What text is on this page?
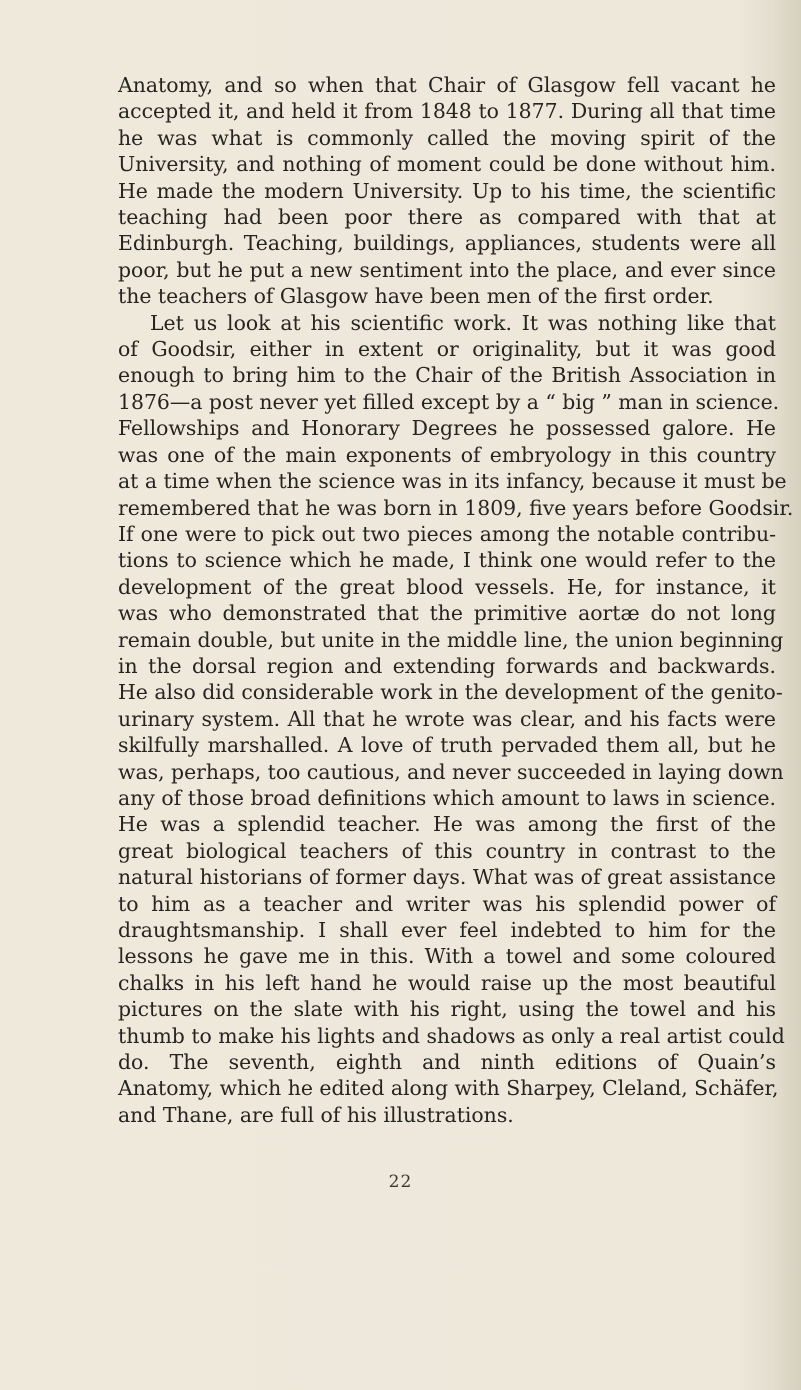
Anatomy, and so when that Chair of Glasgow fell vacant he
accepted it, and held it from 1848 to 1877. During all that time
he was what is commonly called the moving spirit of the
University, and nothing of moment could be done without him.
He made the modern University. Up to his time, the scientific
teaching had been poor there as compared with that at
Edinburgh. Teaching, buildings, appliances, students were all
poor, but he put a new sentiment into the place, and ever since
the teachers of Glasgow have been men of the first order.
Let us look at his scientific work. It was nothing like that
of Goodsir, either in extent or originality, but it was good
enough to bring him to the Chair of the British Association in
1876—a post never yet filled except by a “ big ” man in science.
Fellowships and Honorary Degrees he possessed galore. He
was one of the main exponents of embryology in this country
at a time when the science was in its infancy, because it must be
remembered that he was born in 1809, five years before Goodsir.
If one were to pick out two pieces among the notable contribu-
tions to science which he made, I think one would refer to the
development of the great blood vessels. He, for instance, it
was who demonstrated that the primitive aortæ do not long
remain double, but unite in the middle line, the union beginning
in the dorsal region and extending forwards and backwards.
He also did considerable work in the development of the genito-
urinary system. All that he wrote was clear, and his facts were
skilfully marshalled. A love of truth pervaded them all, but he
was, perhaps, too cautious, and never succeeded in laying down
any of those broad definitions which amount to laws in science.
He was a splendid teacher. He was among the first of the
great biological teachers of this country in contrast to the
natural historians of former days. What was of great assistance
to him as a teacher and writer was his splendid power of
draughtsmanship. I shall ever feel indebted to him for the
lessons he gave me in this. With a towel and some coloured
chalks in his left hand he would raise up the most beautiful
pictures on the slate with his right, using the towel and his
thumb to make his lights and shadows as only a real artist could
do. The seventh, eighth and ninth editions of Quain’s
Anatomy, which he edited along with Sharpey, Cleland, Schäfer,
and Thane, are full of his illustrations.
22
